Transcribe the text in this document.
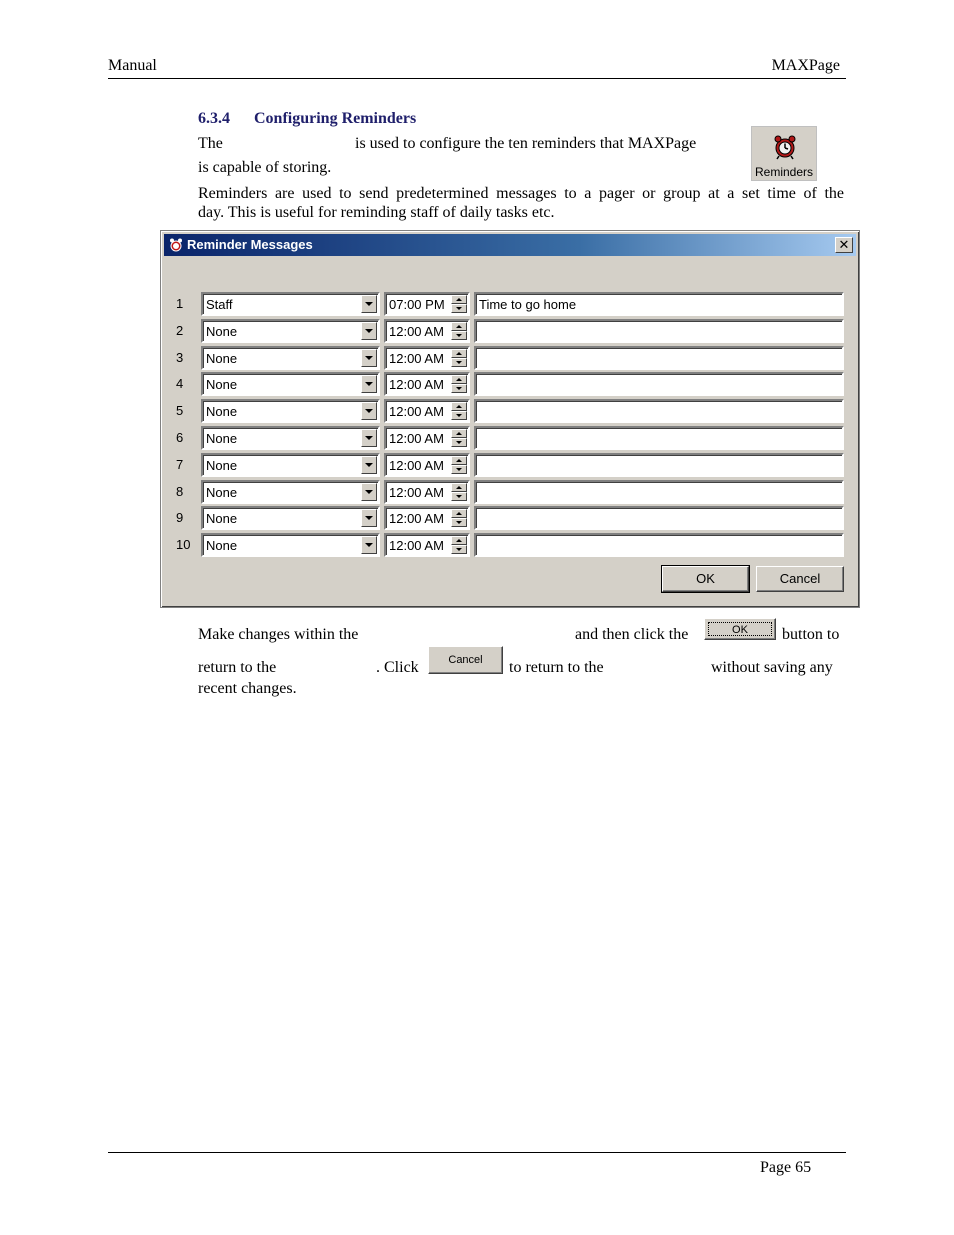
Manual	MAXPage
6.3.4 Configuring Reminders
The	is used to configure the ten reminders that MAXPage
is capable of storing.	Reminders
Reminders are used to send predetermined messages to a pager or group at a set time of the
day. This is useful for reminding staff of daily tasks etc.
Reminder Messages	✕
1 Staff	07:00 PM	Time to go home
2 None	12:00 AM
3 None	12:00 AM
4 None	12:00 AM
5 None	12:00 AM
6 None	12:00 AM
7 None	12:00 AM
8 None	12:00 AM
9 None	12:00 AM
10 None	12:00 AM
OK	Cancel
Make changes within the	and then click the	OK	button to
return to the	. Click	Cancel	to return to the	without saving any
recent changes.
Page 65
